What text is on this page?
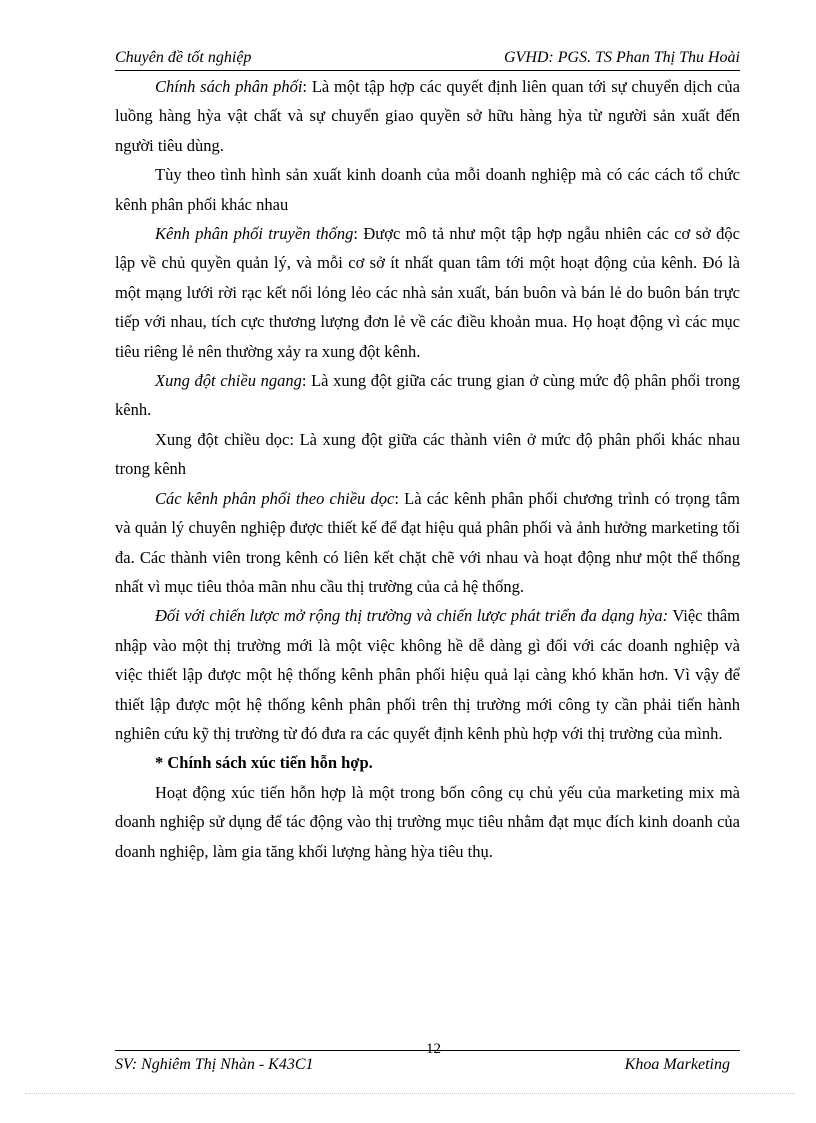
Chuyên đề tốt nghiệp	GVHD: PGS. TS Phan Thị Thu Hoài

Chính sách phân phối: Là một tập hợp các quyết định liên quan tới sự chuyển dịch của luồng hàng hỳa vật chất và sự chuyển giao quyền sở hữu hàng hỳa từ người sản xuất đến người tiêu dùng.

Tùy theo tình hình sản xuất kinh doanh của mỗi doanh nghiệp mà có các cách tổ chức kênh phân phối khác nhau

Kênh phân phối truyền thống: Được mô tả như một tập hợp ngẫu nhiên các cơ sở độc lập về chủ quyền quản lý, và mỗi cơ sở ít nhất quan tâm tới một hoạt động của kênh. Đó là một mạng lưới rời rạc kết nối lỏng lẻo các nhà sản xuất, bán buôn và bán lẻ do buôn bán trực tiếp với nhau, tích cực thương lượng đơn lẻ về các điều khoản mua. Họ hoạt động vì các mục tiêu riêng lẻ nên thường xảy ra xung đột kênh.

Xung đột chiều ngang: Là xung đột giữa các trung gian ở cùng mức độ phân phối trong kênh.

Xung đột chiều dọc: Là xung đột giữa các thành viên ở mức độ phân phối khác nhau trong kênh

Các kênh phân phối theo chiều dọc: Là các kênh phân phối chương trình có trọng tâm và quản lý chuyên nghiệp được thiết kế để đạt hiệu quả phân phối và ảnh hưởng marketing tối đa. Các thành viên trong kênh có liên kết chặt chẽ với nhau và hoạt động như một thể thống nhất vì mục tiêu thỏa mãn nhu cầu thị trường của cả hệ thống.

Đối với chiến lược mở rộng thị trường và chiến lược phát triển đa dạng hỳa: Việc thâm nhập vào một thị trường mới là một việc không hề dễ dàng gì đối với các doanh nghiệp và việc thiết lập được một hệ thống kênh phân phối hiệu quả lại càng khó khăn hơn. Vì vậy để thiết lập được một hệ thống kênh phân phối trên thị trường mới công ty cần phải tiến hành nghiên cứu kỹ thị trường từ đó đưa ra các quyết định kênh phù hợp với thị trường của mình.

* Chính sách xúc tiến hỗn hợp.

Hoạt động xúc tiến hỗn hợp là một trong bốn công cụ chủ yếu của marketing mix mà doanh nghiệp sử dụng để tác động vào thị trường mục tiêu nhằm đạt mục đích kinh doanh của doanh nghiệp, làm gia tăng khối lượng hàng hỳa tiêu thụ.

SV: Nghiêm Thị Nhàn - K43C1
12
Khoa Marketing
